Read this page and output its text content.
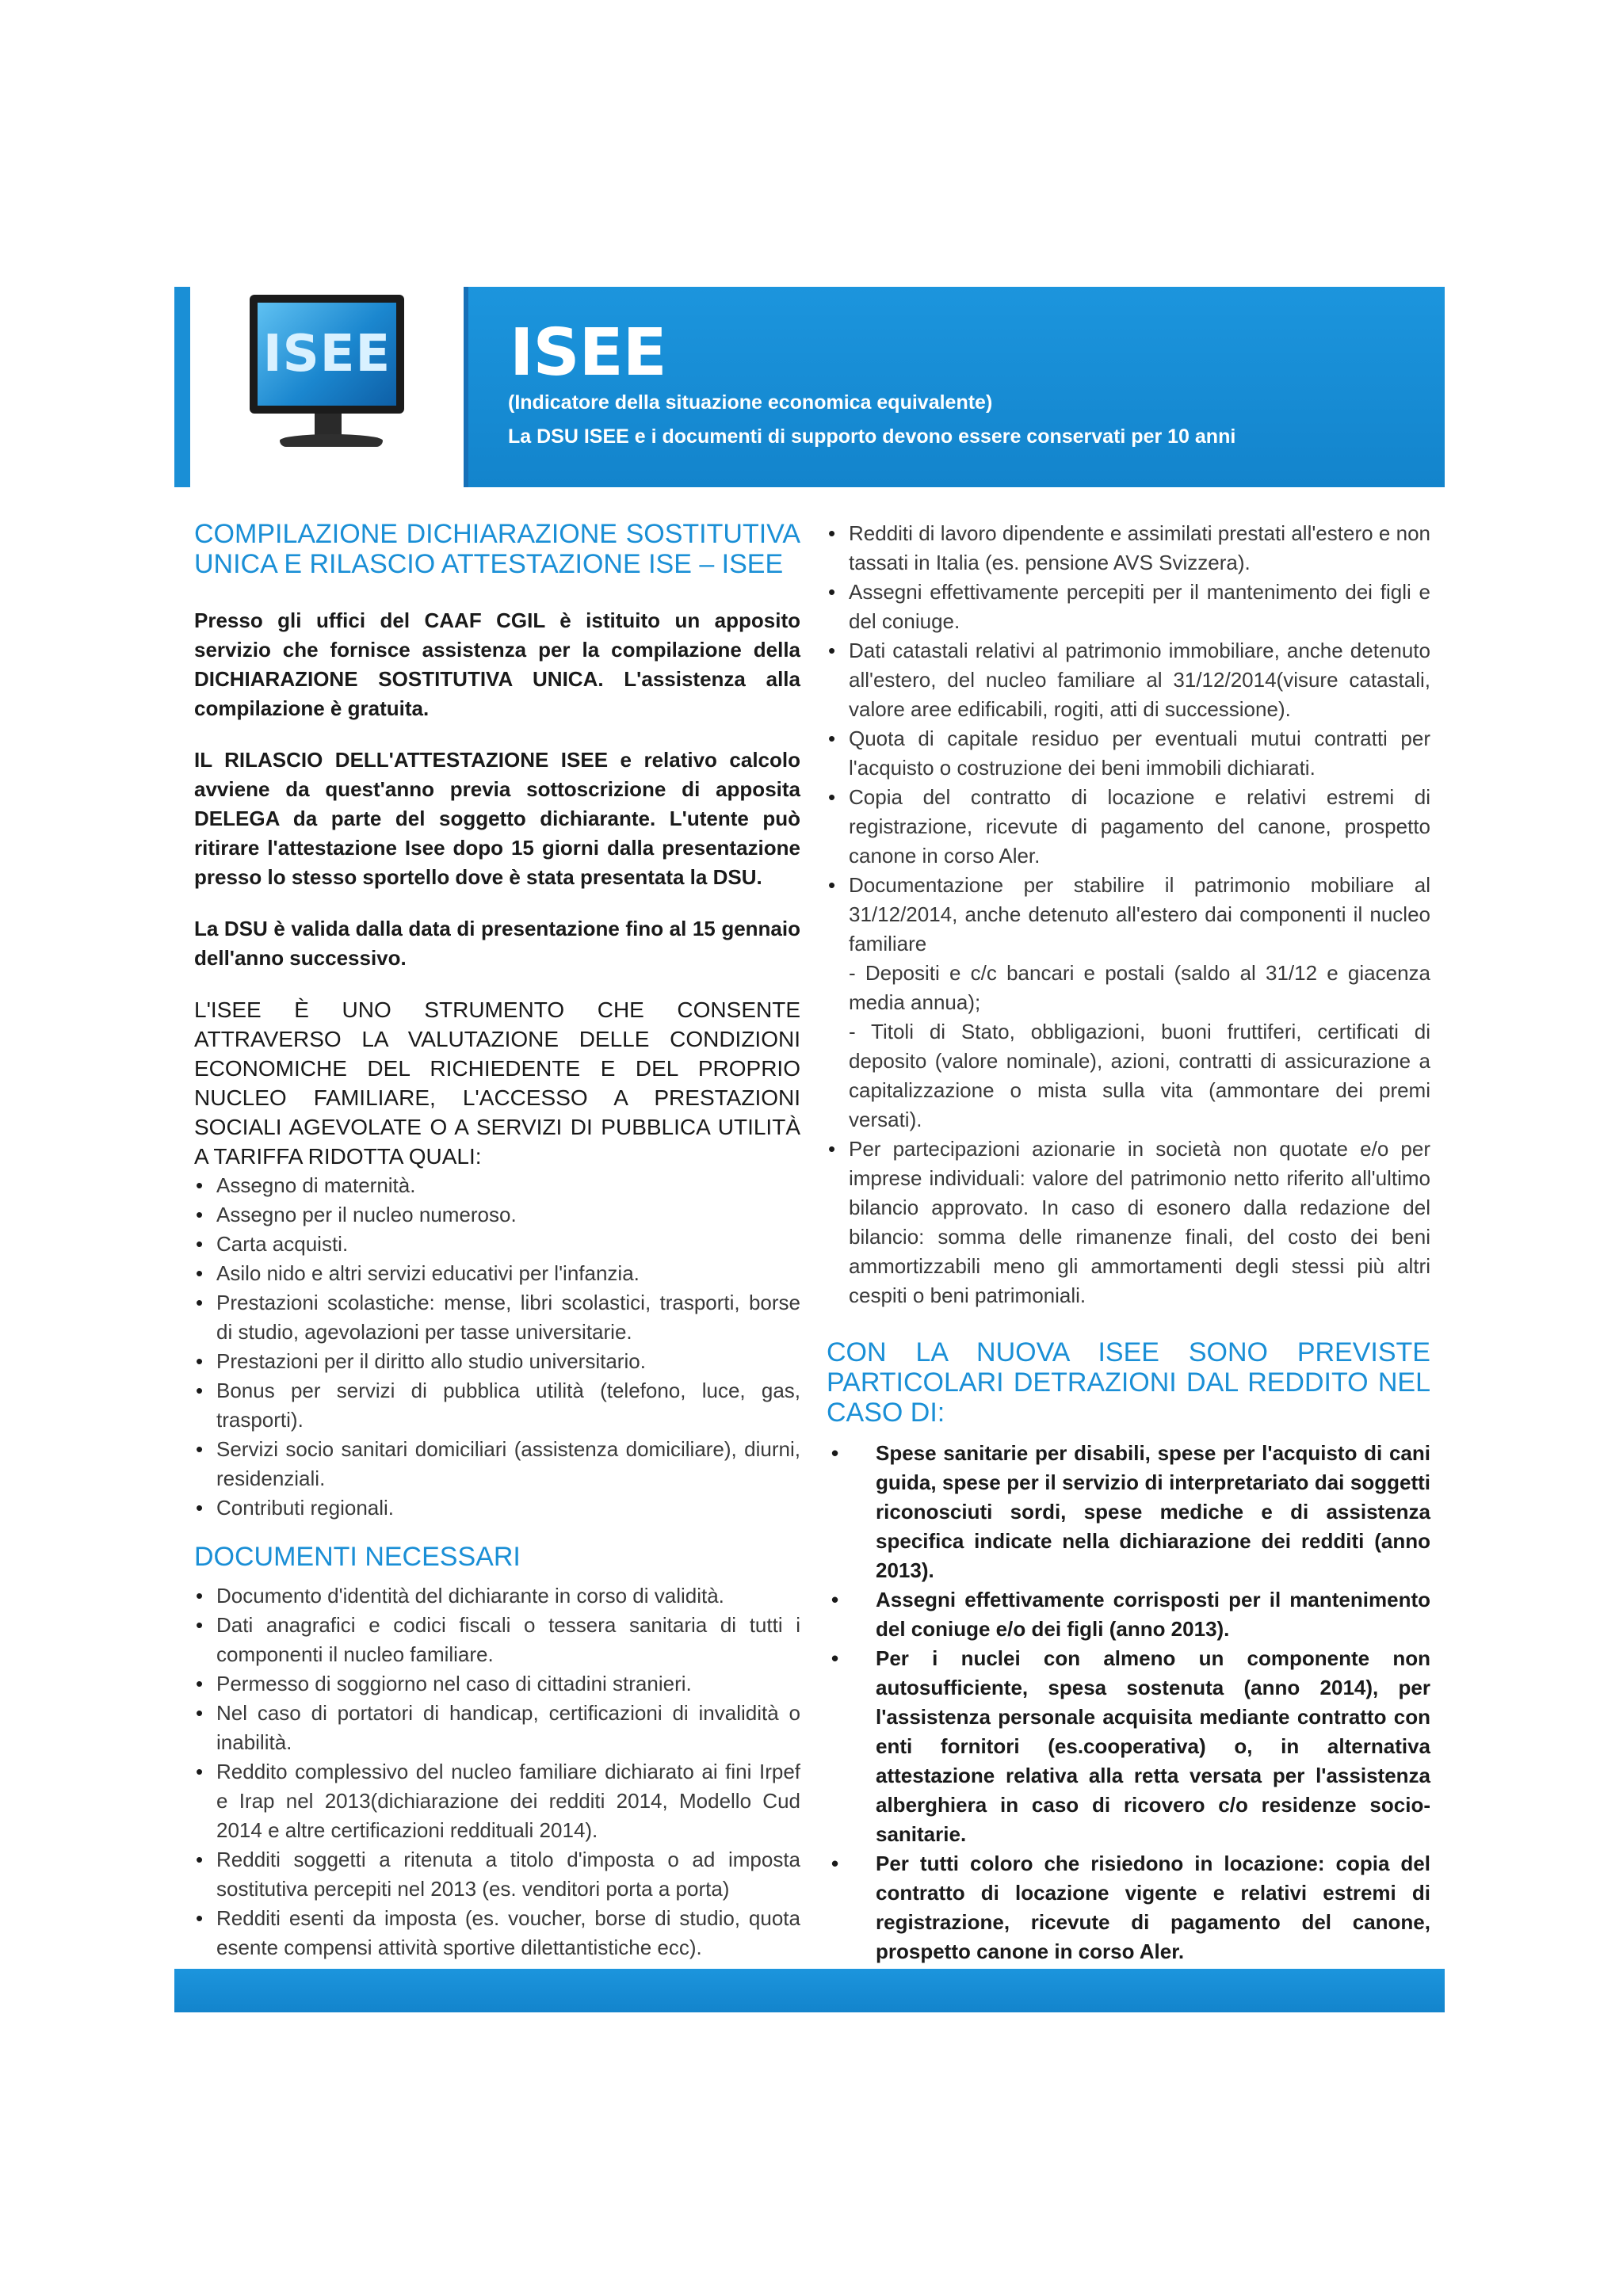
ISEE ISEE
(Indicatore della situazione economica equivalente)
La DSU ISEE e i documenti di supporto devono essere conservati per 10 anni
COMPILAZIONE DICHIARAZIONE SOSTITUTIVA UNICA E RILASCIO ATTESTAZIONE ISE – ISEE

Presso gli uffici del CAAF CGIL è istituito un apposito servizio che fornisce assistenza per la compilazione della DICHIARAZIONE SOSTITUTIVA UNICA. L'assistenza alla compilazione è gratuita.

IL RILASCIO DELL'ATTESTAZIONE ISEE e relativo calcolo avviene da quest'anno previa sottoscrizione di apposita DELEGA da parte del soggetto dichiarante. L'utente può ritirare l'attestazione Isee dopo 15 giorni dalla presentazione presso lo stesso sportello dove è stata presentata la DSU.

La DSU è valida dalla data di presentazione fino al 15 gennaio dell'anno successivo.

L'ISEE È UNO STRUMENTO CHE CONSENTE ATTRAVERSO LA VALUTAZIONE DELLE CONDIZIONI ECONOMICHE DEL RICHIEDENTE E DEL PROPRIO NUCLEO FAMILIARE, L'ACCESSO A PRESTAZIONI SOCIALI AGEVOLATE O A SERVIZI DI PUBBLICA UTILITÀ A TARIFFA RIDOTTA QUALI:

• Assegno di maternità.
• Assegno per il nucleo numeroso.
• Carta acquisti.
• Asilo nido e altri servizi educativi per l'infanzia.
• Prestazioni scolastiche: mense, libri scolastici, trasporti, borse di studio, agevolazioni per tasse universitarie.
• Prestazioni per il diritto allo studio universitario.
• Bonus per servizi di pubblica utilità (telefono, luce, gas, trasporti).
• Servizi socio sanitari domiciliari (assistenza domiciliare), diurni, residenziali.
• Contributi regionali.
DOCUMENTI NECESSARI
• Documento d'identità del dichiarante in corso di validità.
• Dati anagrafici e codici fiscali o tessera sanitaria di tutti i componenti il nucleo familiare.
• Permesso di soggiorno nel caso di cittadini stranieri.
• Nel caso di portatori di handicap, certificazioni di invalidità o inabilità.
• Reddito complessivo del nucleo familiare dichiarato ai fini Irpef e Irap nel 2013(dichiarazione dei redditi 2014, Modello Cud 2014 e altre certificazioni reddituali 2014).
• Redditi soggetti a ritenuta a titolo d'imposta o ad imposta sostitutiva percepiti nel 2013 (es. venditori porta a porta)
• Redditi esenti da imposta (es. voucher, borse di studio, quota esente compensi attività sportive dilettantistiche ecc).
• Redditi di lavoro dipendente e assimilati prestati all'estero e non tassati in Italia (es. pensione AVS Svizzera).
• Assegni effettivamente percepiti per il mantenimento dei figli e del coniuge.
• Dati catastali relativi al patrimonio immobiliare, anche detenuto all'estero, del nucleo familiare al 31/12/2014(visure catastali, valore aree edificabili, rogiti, atti di successione).
• Quota di capitale residuo per eventuali mutui contratti per l'acquisto o costruzione dei beni immobili dichiarati.
• Copia del contratto di locazione e relativi estremi di registrazione, ricevute di pagamento del canone, prospetto canone in corso Aler.
• Documentazione per stabilire il patrimonio mobiliare al 31/12/2014, anche detenuto all'estero dai componenti il nucleo familiare
- Depositi e c/c bancari e postali (saldo al 31/12 e giacenza media annua);
- Titoli di Stato, obbligazioni, buoni fruttiferi, certificati di deposito (valore nominale), azioni, contratti di assicurazione a capitalizzazione o mista sulla vita (ammontare dei premi versati).
• Per partecipazioni azionarie in società non quotate e/o per imprese individuali: valore del patrimonio netto riferito all'ultimo bilancio approvato. In caso di esonero dalla redazione del bilancio: somma delle rimanenze finali, del costo dei beni ammortizzabili meno gli ammortamenti degli stessi più altri cespiti o beni patrimoniali.
CON LA NUOVA ISEE SONO PREVISTE PARTICOLARI DETRAZIONI DAL REDDITO NEL CASO DI:
• Spese sanitarie per disabili, spese per l'acquisto di cani guida, spese per il servizio di interpretariato dai soggetti riconosciuti sordi, spese mediche e di assistenza specifica indicate nella dichiarazione dei redditi (anno 2013).
• Assegni effettivamente corrisposti per il mantenimento del coniuge e/o dei figli (anno 2013).
• Per i nuclei con almeno un componente non autosufficiente, spesa sostenuta (anno 2014), per l'assistenza personale acquisita mediante contratto con enti fornitori (es.cooperativa) o, in alternativa attestazione relativa alla retta versata per l'assistenza alberghiera in caso di ricovero c/o residenze socio-sanitarie.
• Per tutti coloro che risiedono in locazione: copia del contratto di locazione vigente e relativi estremi di registrazione, ricevute di pagamento del canone, prospetto canone in corso Aler.
